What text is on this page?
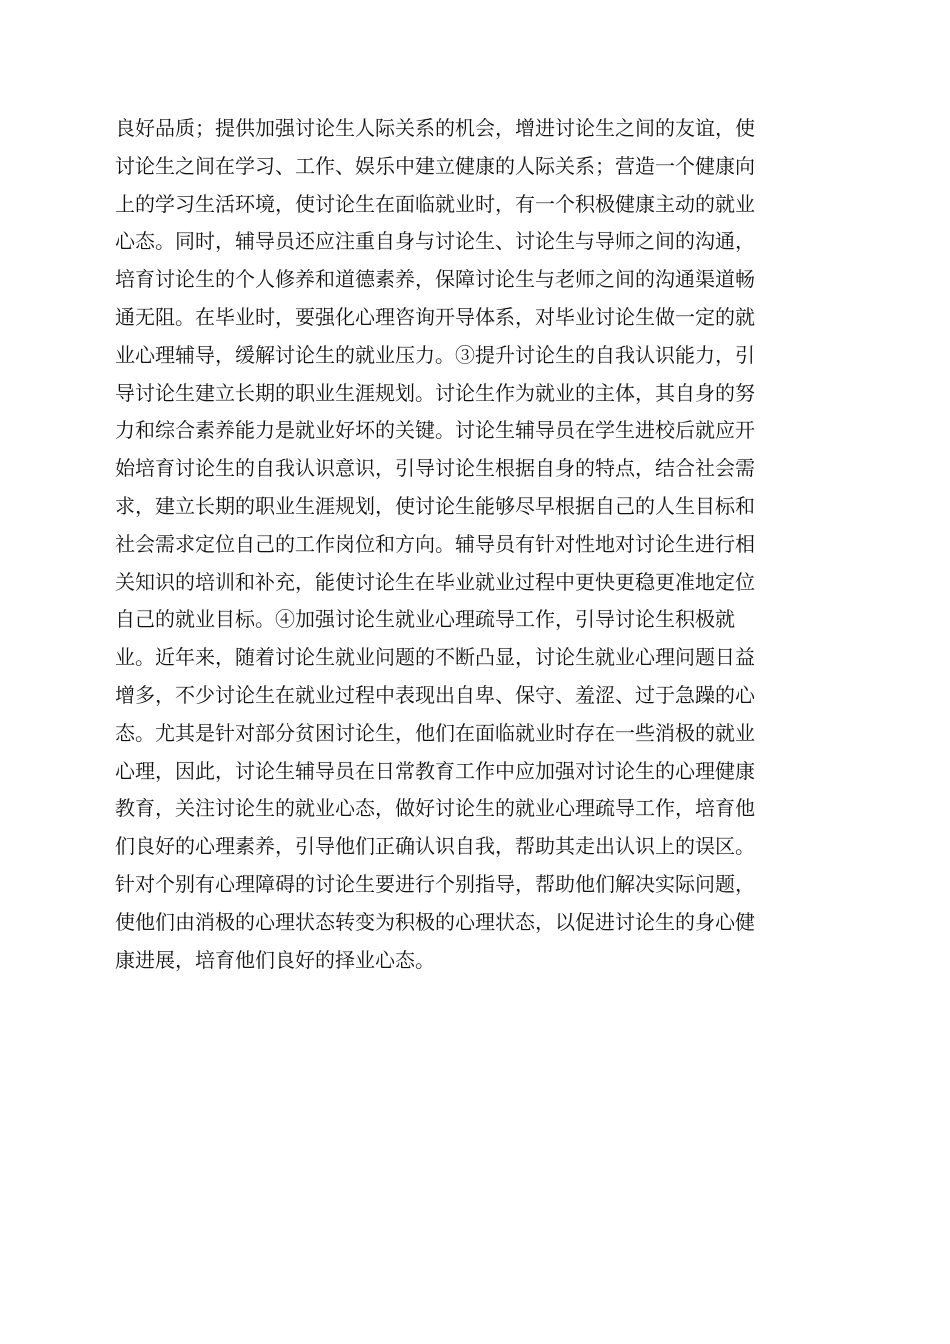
良好品质；提供加强讨论生人际关系的机会，增进讨论生之间的友谊，使
讨论生之间在学习、工作、娱乐中建立健康的人际关系；营造一个健康向
上的学习生活环境，使讨论生在面临就业时，有一个积极健康主动的就业
心态。同时，辅导员还应注重自身与讨论生、讨论生与导师之间的沟通，
培育讨论生的个人修养和道德素养，保障讨论生与老师之间的沟通渠道畅
通无阻。在毕业时，要强化心理咨询开导体系，对毕业讨论生做一定的就
业心理辅导，缓解讨论生的就业压力。③提升讨论生的自我认识能力，引
导讨论生建立长期的职业生涯规划。讨论生作为就业的主体，其自身的努
力和综合素养能力是就业好坏的关键。讨论生辅导员在学生进校后就应开
始培育讨论生的自我认识意识，引导讨论生根据自身的特点，结合社会需
求，建立长期的职业生涯规划，使讨论生能够尽早根据自己的人生目标和
社会需求定位自己的工作岗位和方向。辅导员有针对性地对讨论生进行相
关知识的培训和补充，能使讨论生在毕业就业过程中更快更稳更准地定位
自己的就业目标。④加强讨论生就业心理疏导工作，引导讨论生积极就
业。近年来，随着讨论生就业问题的不断凸显，讨论生就业心理问题日益
增多，不少讨论生在就业过程中表现出自卑、保守、羞涩、过于急躁的心
态。尤其是针对部分贫困讨论生，他们在面临就业时存在一些消极的就业
心理，因此，讨论生辅导员在日常教育工作中应加强对讨论生的心理健康
教育，关注讨论生的就业心态，做好讨论生的就业心理疏导工作，培育他
们良好的心理素养，引导他们正确认识自我，帮助其走出认识上的误区。
针对个别有心理障碍的讨论生要进行个别指导，帮助他们解决实际问题，
使他们由消极的心理状态转变为积极的心理状态，以促进讨论生的身心健
康进展，培育他们良好的择业心态。
